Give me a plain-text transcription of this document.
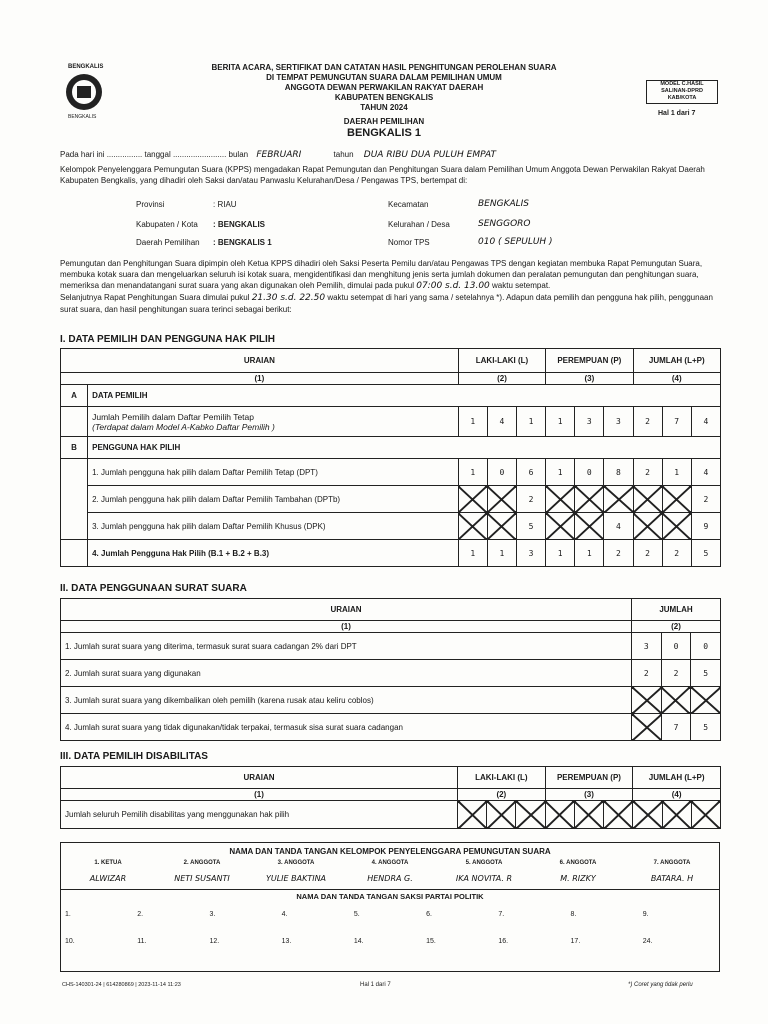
BENGKALIS
BENGKALIS
BERITA ACARA, SERTIFIKAT DAN CATATAN HASIL PENGHITUNGAN PEROLEHAN SUARA
DI TEMPAT PEMUNGUTAN SUARA DALAM PEMILIHAN UMUM
ANGGOTA DEWAN PERWAKILAN RAKYAT DAERAH
KABUPATEN BENGKALIS
TAHUN 2024
DAERAH PEMILIHAN
BENGKALIS 1
MODEL C.HASIL
SALINAN-DPRD
KAB/KOTA
Hal 1 dari 7
Pada hari ini ................ tanggal ........................ bulan FEBRUARI	tahun DUA RIBU DUA PULUH EMPAT
Kelompok Penyelenggara Pemungutan Suara (KPPS) mengadakan Rapat Pemungutan dan Penghitungan Suara dalam Pemilihan Umum Anggota Dewan Perwakilan Rakyat Daerah Kabupaten Bengkalis, yang dihadiri oleh Saksi dan/atau Panwaslu Kelurahan/Desa / Pengawas TPS, bertempat di:
Provinsi	: RIAU
Kabupaten / Kota : BENGKALIS
Daerah Pemilihan : BENGKALIS 1
Kecamatan	BENGKALIS
Kelurahan / Desa	SENGGORO
Nomor TPS	010 ( SEPULUH )
Pemungutan dan Penghitungan Suara dipimpin oleh Ketua KPPS dihadiri oleh Saksi Peserta Pemilu dan/atau Pengawas TPS dengan kegiatan membuka Rapat Pemungutan Suara, membuka kotak suara dan mengeluarkan seluruh isi kotak suara, mengidentifikasi dan menghitung jenis serta jumlah dokumen dan peralatan pemungutan dan penghitungan suara, memeriksa dan menandatangani surat suara yang akan digunakan oleh Pemilih, dimulai pada pukul 07:00 s.d. 13.00 waktu setempat.
Selanjutnya Rapat Penghitungan Suara dimulai pukul 21.30 s.d. 22.50 waktu setempat di hari yang sama / setelahnya *). Adapun data pemilih dan pengguna hak pilih, penggunaan surat suara, dan hasil penghitungan suara terinci sebagai berikut:
I. DATA PEMILIH DAN PENGGUNA HAK PILIH
URAIAN		LAKI-LAKI (L)			PEREMPUAN (P)			JUMLAH (L+P)		
(1)		(2)			(3)			(4)		
A	DATA PEMILIH									
	Jumlah Pemilih dalam Daftar Pemilih Tetap
(Terdapat dalam Model A-Kabko Daftar Pemilih )	1	4	1	1	3	3	2	7	4
B	PENGGUNA HAK PILIH									
	1. Jumlah pengguna hak pilih dalam Daftar Pemilih Tetap (DPT)	1	0	6	1	0	8	2	1	4
	2. Jumlah pengguna hak pilih dalam Daftar Pemilih Tambahan (DPTb)			2						2
	3. Jumlah pengguna hak pilih dalam Daftar Pemilih Khusus (DPK)			5			4			9
	4. Jumlah Pengguna Hak Pilih (B.1 + B.2 + B.3)	1	1	3	1	1	2	2	2	5
II. DATA PENGGUNAAN SURAT SUARA
URAIAN	JUMLAH		
(1)	(2)		
1. Jumlah surat suara yang diterima, termasuk surat suara cadangan 2% dari DPT	3	0	0
2. Jumlah surat suara yang digunakan	2	2	5
3. Jumlah surat suara yang dikembalikan oleh pemilih (karena rusak atau keliru coblos)			
4. Jumlah surat suara yang tidak digunakan/tidak terpakai, termasuk sisa surat suara cadangan		7	5
III. DATA PEMILIH DISABILITAS
URAIAN	LAKI-LAKI (L)			PEREMPUAN (P)			JUMLAH (L+P)		
(1)	(2)			(3)			(4)		
Jumlah seluruh Pemilih disabilitas yang menggunakan hak pilih									
NAMA DAN TANDA TANGAN KELOMPOK PENYELENGGARA PEMUNGUTAN SUARA
1. KETUA	2. ANGGOTA	3. ANGGOTA	4. ANGGOTA	5. ANGGOTA	6. ANGGOTA	7. ANGGOTA
ALWIZAR	NETI SUSANTI	YULIE BAKTINA	HENDRA G.	IKA NOVITA. R	M. RIZKY	BATARA. H
NAMA DAN TANDA TANGAN SAKSI PARTAI POLITIK
1.	2.	3.	4.	5.	6.	7.	8.	9.
10.	11.	12.	13.	14.	15.	16.	17.	24.
CHS-140301-24 | 614280869 | 2023-11-14 11:23	Hal 1 dari 7	*) Coret yang tidak perlu
